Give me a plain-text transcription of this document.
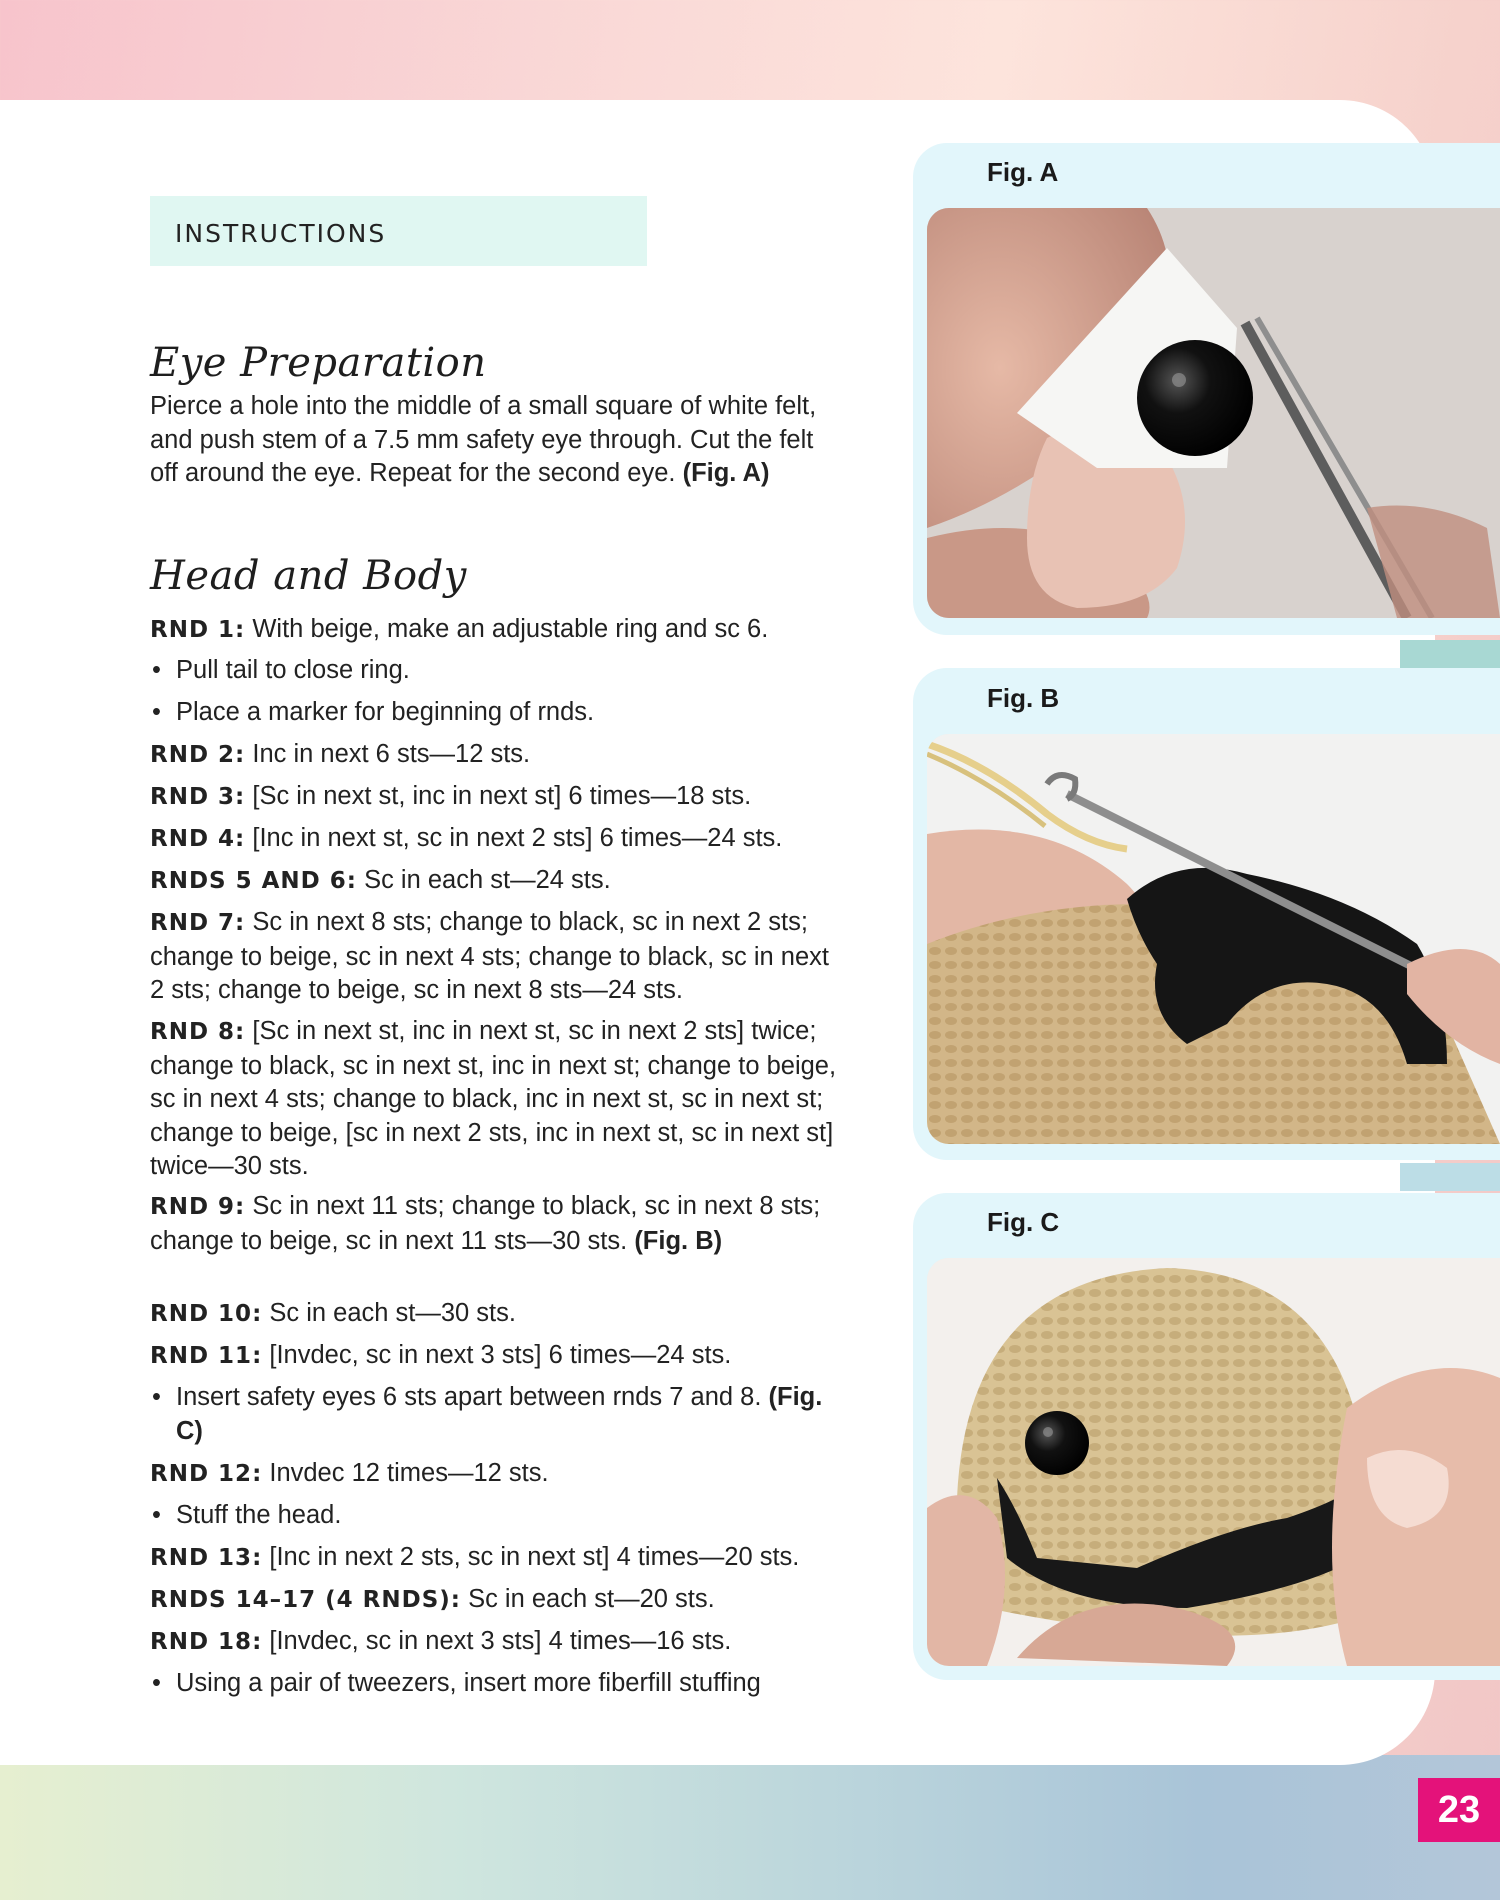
instructions
Eye Preparation
Pierce a hole into the middle of a small square of white felt, and push stem of a 7.5 mm safety eye through. Cut the felt off around the eye. Repeat for the second eye. (Fig. A)
Head and Body
RND 1: With beige, make an adjustable ring and sc 6.
• Pull tail to close ring.
• Place a marker for beginning of rnds.
RND 2: Inc in next 6 sts—12 sts.
RND 3: [Sc in next st, inc in next st] 6 times—18 sts.
RND 4: [Inc in next st, sc in next 2 sts] 6 times—24 sts.
RNDS 5 AND 6: Sc in each st—24 sts.
RND 7: Sc in next 8 sts; change to black, sc in next 2 sts; change to beige, sc in next 4 sts; change to black, sc in next 2 sts; change to beige, sc in next 8 sts—24 sts.
RND 8: [Sc in next st, inc in next st, sc in next 2 sts] twice; change to black, sc in next st, inc in next st; change to beige, sc in next 4 sts; change to black, inc in next st, sc in next st; change to beige, [sc in next 2 sts, inc in next st, sc in next st] twice—30 sts.
RND 9: Sc in next 11 sts; change to black, sc in next 8 sts; change to beige, sc in next 11 sts—30 sts. (Fig. B)
RND 10: Sc in each st—30 sts.
RND 11: [Invdec, sc in next 3 sts] 6 times—24 sts.
• Insert safety eyes 6 sts apart between rnds 7 and 8. (Fig. C)
RND 12: Invdec 12 times—12 sts.
• Stuff the head.
RND 13: [Inc in next 2 sts, sc in next st] 4 times—20 sts.
RNDS 14–17 (4 RNDS): Sc in each st—20 sts.
RND 18: [Invdec, sc in next 3 sts] 4 times—16 sts.
• Using a pair of tweezers, insert more fiberfill stuffing
Fig. A
Fig. B
Fig. C
23
